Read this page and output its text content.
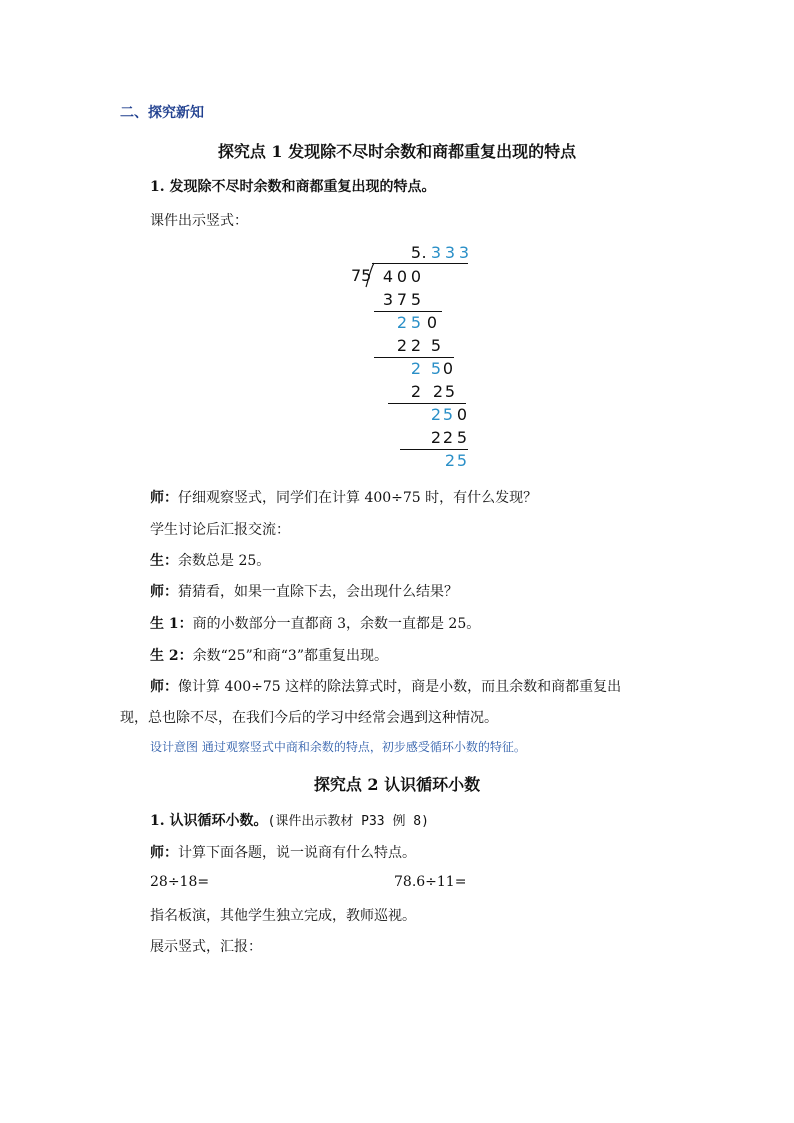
二、探究新知
探究点 1 发现除不尽时余数和商都重复出现的特点
1. 发现除不尽时余数和商都重复出现的特点。
课件出示竖式：
5 . 3 3 3
75 4 0 0
3 7 5
2 5 0
2 2 5
2 5 0
2 2 5
2 5 0
2 2 5
2 5
师：仔细观察竖式，同学们在计算 400÷75 时，有什么发现？
学生讨论后汇报交流：
生：余数总是 25。
师：猜猜看，如果一直除下去，会出现什么结果？
生 1：商的小数部分一直都商 3，余数一直都是 25。
生 2：余数“25”和商“3”都重复出现。
师：像计算 400÷75 这样的除法算式时，商是小数，而且余数和商都重复出
现，总也除不尽，在我们今后的学习中经常会遇到这种情况。
设计意图 通过观察竖式中商和余数的特点，初步感受循环小数的特征。
探究点 2 认识循环小数
1. 认识循环小数。(课件出示教材 P33 例 8)
师：计算下面各题，说一说商有什么特点。
28÷18=	78.6÷11=
指名板演，其他学生独立完成，教师巡视。
展示竖式，汇报：
